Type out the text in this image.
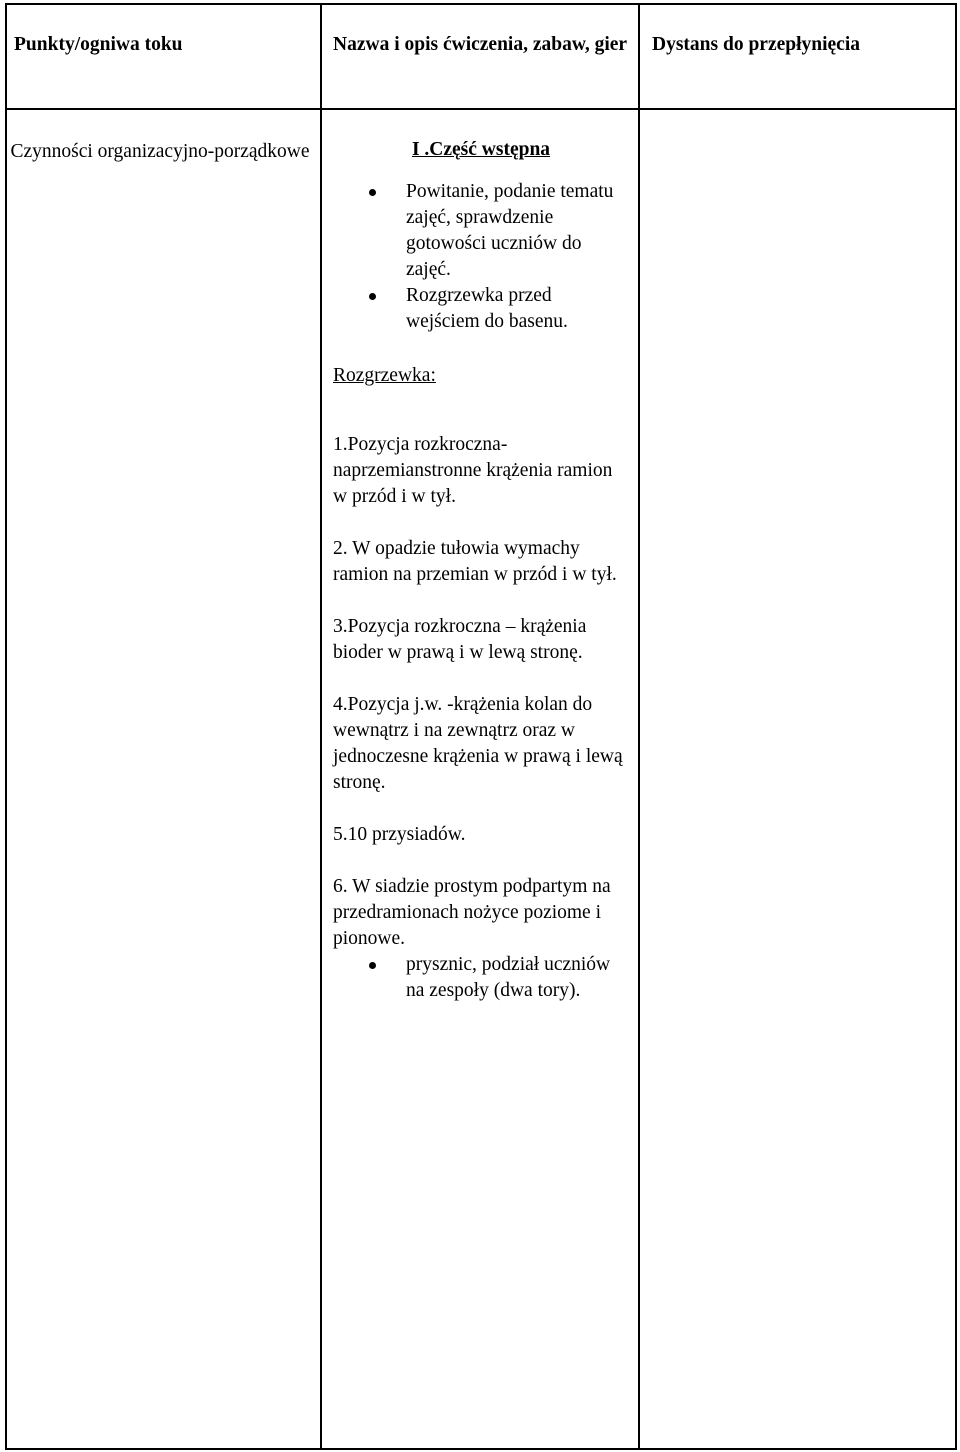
Punkty/ogniwa toku	Nazwa i opis ćwiczenia, zabaw, gier Dystans do przepłynięcia
Czynności organizacyjno-porządkowe	I .Część wstępna

Powitanie, podanie tematu zajęć, sprawdzenie gotowości uczniów do zajęć.
Rozgrzewka przed wejściem do basenu.

Rozgrzewka:

1.Pozycja rozkroczna-naprzemianstronne krążenia ramion w przód i w tył.

2. W opadzie tułowia wymachy ramion na przemian w przód i w tył.

3.Pozycja rozkroczna – krążenia bioder w prawą i w lewą stronę.

4.Pozycja j.w. -krążenia kolan do wewnątrz i na zewnątrz oraz w jednoczesne krążenia w prawą i lewą stronę.

5.10 przysiadów.

6. W siadzie prostym podpartym na przedramionach nożyce poziome i pionowe.

prysznic, podział uczniów na zespoły (dwa tory).
